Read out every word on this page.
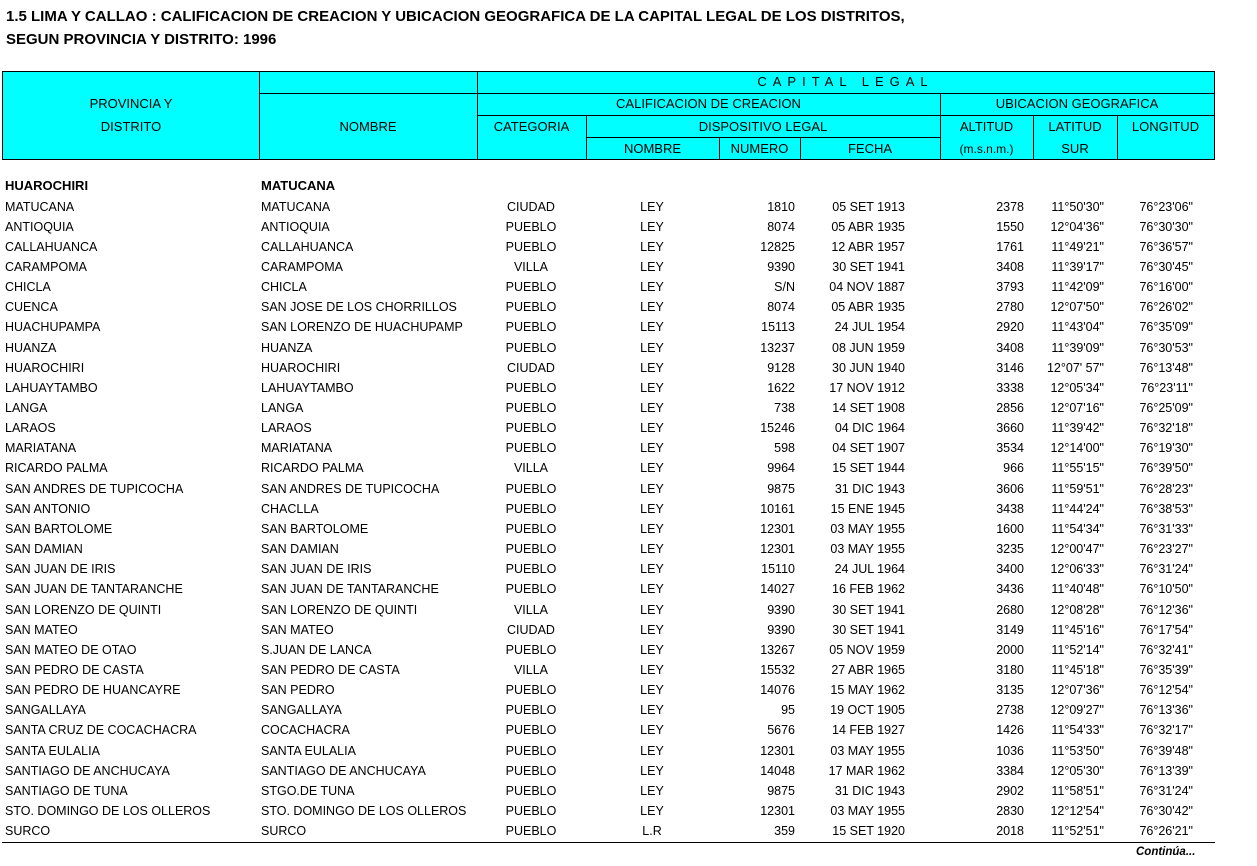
1.5 LIMA Y CALLAO : CALIFICACION DE CREACION Y UBICACION GEOGRAFICA DE LA CAPITAL LEGAL DE LOS DISTRITOS,
SEGUN PROVINCIA Y DISTRITO: 1996
CAPITAL LEGAL
PROVINCIA Y
DISTRITO	NOMBRE
CALIFICACION DE CREACION	UBICACION GEOGRAFICA
CATEGORIA	DISPOSITIVO LEGAL	ALTITUD	LATITUD	LONGITUD
NOMBRE	NUMERO	FECHA	(m.s.n.m.)	SUR
HUAROCHIRI	MATUCANA
MATUCANA	MATUCANA	CIUDAD	LEY	1810	05 SET 1913	2378	11°50'30"	76°23'06"
ANTIOQUIA	ANTIOQUIA	PUEBLO	LEY	8074	05 ABR 1935	1550	12°04'36"	76°30'30"
CALLAHUANCA	CALLAHUANCA	PUEBLO	LEY	12825	12 ABR 1957	1761	11°49'21"	76°36'57"
CARAMPOMA	CARAMPOMA	VILLA	LEY	9390	30 SET 1941	3408	11°39'17"	76°30'45"
CHICLA	CHICLA	PUEBLO	LEY	S/N	04 NOV 1887	3793	11°42'09"	76°16'00"
CUENCA	SAN JOSE DE LOS CHORRILLOS	PUEBLO	LEY	8074	05 ABR 1935	2780	12°07'50"	76°26'02"
HUACHUPAMPA	SAN LORENZO DE HUACHUPAMP	PUEBLO	LEY	15113	24 JUL 1954	2920	11°43'04"	76°35'09"
HUANZA	HUANZA	PUEBLO	LEY	13237	08 JUN 1959	3408	11°39'09"	76°30'53"
HUAROCHIRI	HUAROCHIRI	CIUDAD	LEY	9128	30 JUN 1940	3146	12°07' 57"	76°13'48"
LAHUAYTAMBO	LAHUAYTAMBO	PUEBLO	LEY	1622	17 NOV 1912	3338	12°05'34"	76°23'11"
LANGA	LANGA	PUEBLO	LEY	738	14 SET 1908	2856	12°07'16"	76°25'09"
LARAOS	LARAOS	PUEBLO	LEY	15246	04 DIC 1964	3660	11°39'42"	76°32'18"
MARIATANA	MARIATANA	PUEBLO	LEY	598	04 SET 1907	3534	12°14'00"	76°19'30"
RICARDO PALMA	RICARDO PALMA	VILLA	LEY	9964	15 SET 1944	966	11°55'15"	76°39'50"
SAN ANDRES DE TUPICOCHA	SAN ANDRES DE TUPICOCHA	PUEBLO	LEY	9875	31 DIC 1943	3606	11°59'51"	76°28'23"
SAN ANTONIO	CHACLLA	PUEBLO	LEY	10161	15 ENE 1945	3438	11°44'24"	76°38'53"
SAN BARTOLOME	SAN BARTOLOME	PUEBLO	LEY	12301	03 MAY 1955	1600	11°54'34"	76°31'33"
SAN DAMIAN	SAN DAMIAN	PUEBLO	LEY	12301	03 MAY 1955	3235	12°00'47"	76°23'27"
SAN JUAN DE IRIS	SAN JUAN DE IRIS	PUEBLO	LEY	15110	24 JUL 1964	3400	12°06'33"	76°31'24"
SAN JUAN DE TANTARANCHE	SAN JUAN DE TANTARANCHE	PUEBLO	LEY	14027	16 FEB 1962	3436	11°40'48"	76°10'50"
SAN LORENZO DE QUINTI	SAN LORENZO DE QUINTI	VILLA	LEY	9390	30 SET 1941	2680	12°08'28"	76°12'36"
SAN MATEO	SAN MATEO	CIUDAD	LEY	9390	30 SET 1941	3149	11°45'16"	76°17'54"
SAN MATEO DE OTAO	S.JUAN DE LANCA	PUEBLO	LEY	13267	05 NOV 1959	2000	11°52'14"	76°32'41"
SAN PEDRO DE CASTA	SAN PEDRO DE CASTA	VILLA	LEY	15532	27 ABR 1965	3180	11°45'18"	76°35'39"
SAN PEDRO DE HUANCAYRE	SAN PEDRO	PUEBLO	LEY	14076	15 MAY 1962	3135	12°07'36"	76°12'54"
SANGALLAYA	SANGALLAYA	PUEBLO	LEY	95	19 OCT 1905	2738	12°09'27"	76°13'36"
SANTA CRUZ DE COCACHACRA	COCACHACRA	PUEBLO	LEY	5676	14 FEB 1927	1426	11°54'33"	76°32'17"
SANTA EULALIA	SANTA EULALIA	PUEBLO	LEY	12301	03 MAY 1955	1036	11°53'50"	76°39'48"
SANTIAGO DE ANCHUCAYA	SANTIAGO DE ANCHUCAYA	PUEBLO	LEY	14048	17 MAR 1962	3384	12°05'30"	76°13'39"
SANTIAGO DE TUNA	STGO.DE TUNA	PUEBLO	LEY	9875	31 DIC 1943	2902	11°58'51"	76°31'24"
STO. DOMINGO DE LOS OLLEROS	STO. DOMINGO DE LOS OLLEROS	PUEBLO	LEY	12301	03 MAY 1955	2830	12°12'54"	76°30'42"
SURCO	SURCO	PUEBLO	L.R	359	15 SET 1920	2018	11°52'51"	76°26'21"
Continúa...
